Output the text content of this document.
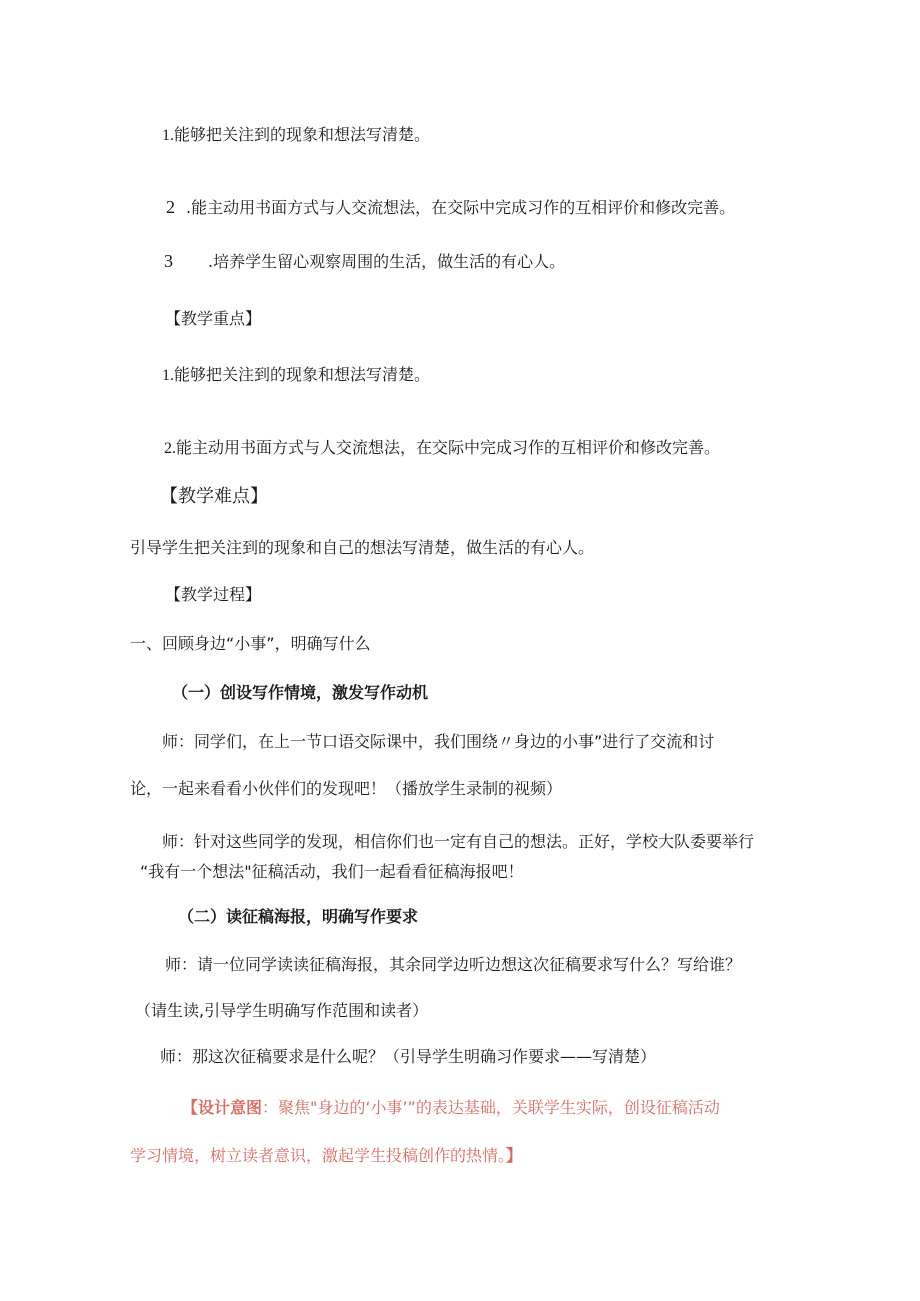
1.能够把关注到的现象和想法写清楚。
2 .能主动用书面方式与人交流想法，在交际中完成习作的互相评价和修改完善。
3 .培养学生留心观察周围的生活，做生活的有心人。
【教学重点】
1.能够把关注到的现象和想法写清楚。
2.能主动用书面方式与人交流想法，在交际中完成习作的互相评价和修改完善。
【教学难点】
引导学生把关注到的现象和自己的想法写清楚，做生活的有心人。
【教学过程】
一、回顾身边“小事”，明确写什么
（一）创设写作情境，激发写作动机
师：同学们，在上一节口语交际课中，我们围绕〃身边的小事”进行了交流和讨
论，一起来看看小伙伴们的发现吧！（播放学生录制的视频）
师：针对这些同学的发现，相信你们也一定有自己的想法。正好，学校大队委要举行
“我有一个想法"征稿活动，我们一起看看征稿海报吧！
（二）读征稿海报，明确写作要求
师：请一位同学读读征稿海报，其余同学边听边想这次征稿要求写什么？写给谁？
（请生读,引导学生明确写作范围和读者）
师：那这次征稿要求是什么呢？（引导学生明确习作要求——写清楚）
【设计意图：聚焦"身边的‘小事’”的表达基础，关联学生实际，创设征稿活动
学习情境，树立读者意识，激起学生投稿创作的热情。】
